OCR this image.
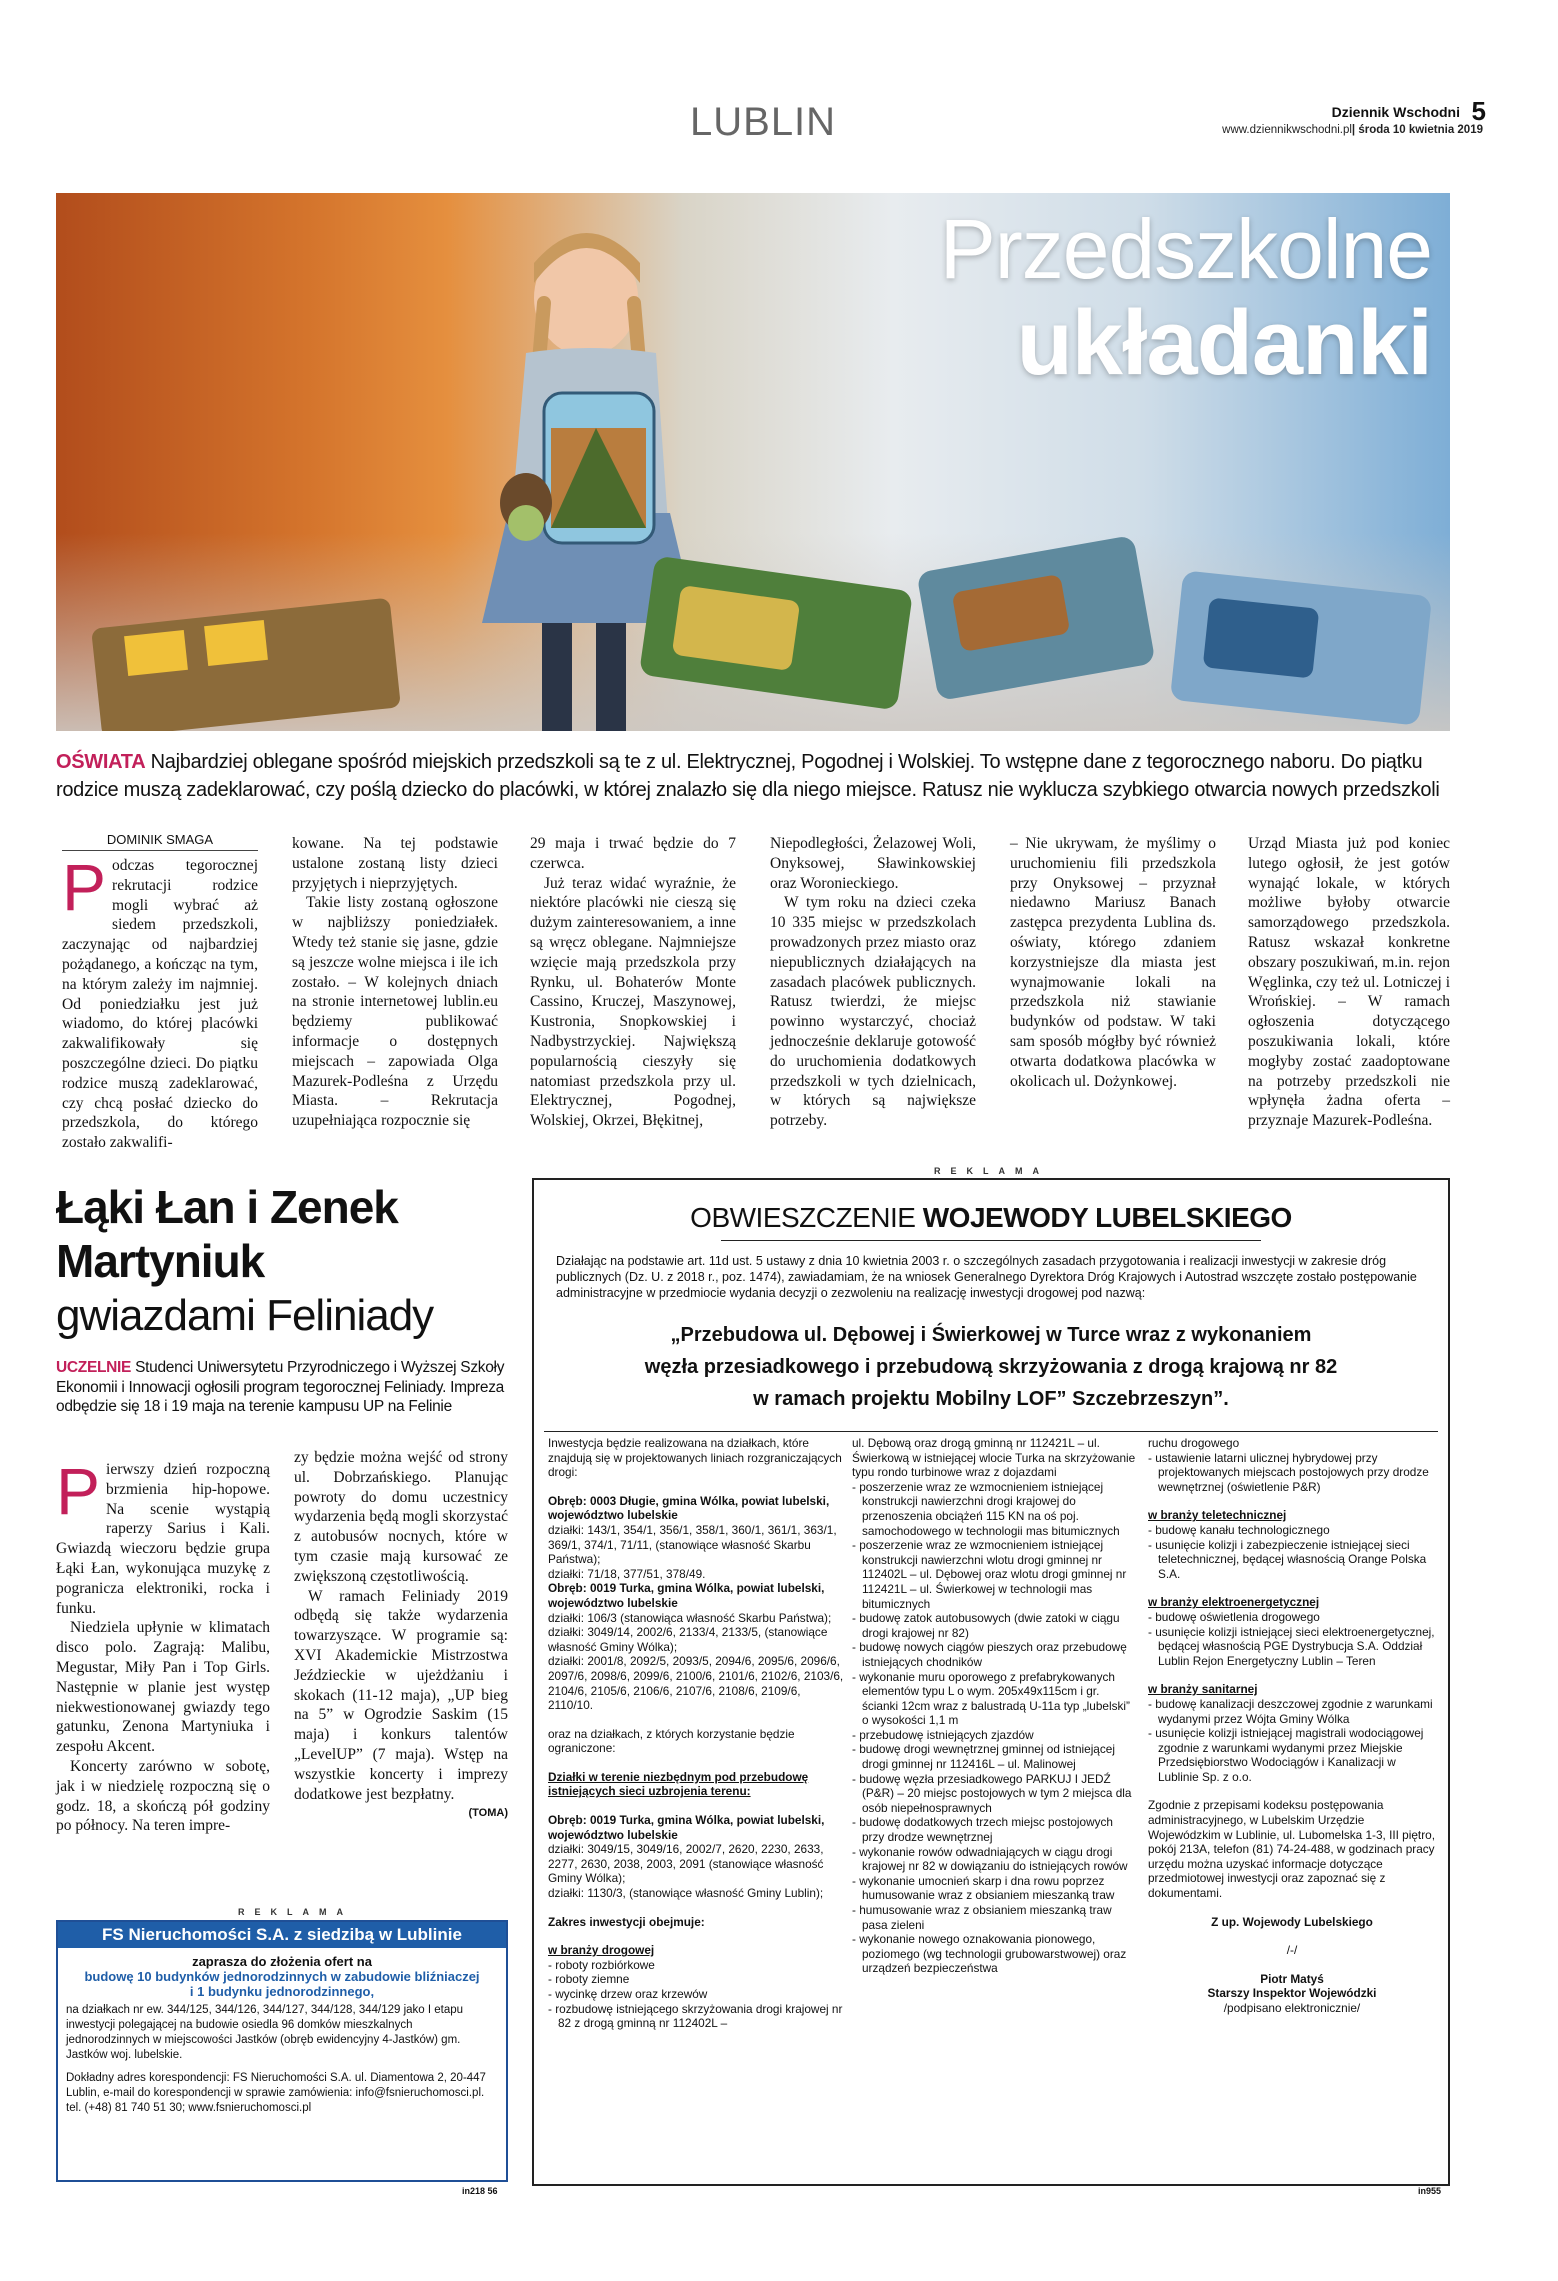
LUBLIN	Dziennik Wschodni 5
www.dziennikwschodni.pl| środa 10 kwietnia 2019
Przedszkolne
układanki
OŚWIATA Najbardziej oblegane spośród miejskich przedszkoli są te z ul. Elektrycznej, Pogodnej i Wolskiej. To wstępne dane z tegorocznego naboru. Do piątku rodzice muszą zadeklarować, czy poślą dziecko do placówki, w której znalazło się dla niego miejsce. Ratusz nie wyklucza szybkiego otwarcia nowych przedszkoli
DOMINIK SMAGA
P odczas tegorocznej rekrutacji rodzice mogli wybrać aż siedem przedszkoli, zaczynając od najbardziej pożądanego, a kończąc na tym, na którym zależy im najmniej. Od poniedziałku jest już wiadomo, do której placówki zakwalifikowały się poszczególne dzieci. Do piątku rodzice muszą zadeklarować, czy chcą posłać dziecko do przedszkola, do którego zostało zakwalifi-

kowane. Na tej podstawie ustalone zostaną listy dzieci przyjętych i nieprzyjętych.

Takie listy zostaną ogłoszone w najbliższy poniedziałek. Wtedy też stanie się jasne, gdzie są jeszcze wolne miejsca i ile ich zostało. – W kolejnych dniach na stronie internetowej lublin.eu będziemy publikować informacje o dostępnych miejscach – zapowiada Olga Mazurek-Podleśna z Urzędu Miasta. – Rekrutacja uzupełniająca rozpocznie się

29 maja i trwać będzie do 7 czerwca.

Już teraz widać wyraźnie, że niektóre placówki nie cieszą się dużym zainteresowaniem, a inne są wręcz oblegane. Najmniejsze wzięcie mają przedszkola przy Rynku, ul. Bohaterów Monte Cassino, Kruczej, Maszynowej, Kustronia, Snopkowskiej i Nadbystrzyckiej. Największą popularnością cieszyły się natomiast przedszkola przy ul. Elektrycznej, Pogodnej, Wolskiej, Okrzei, Błękitnej,

Niepodległości, Żelazowej Woli, Onyksowej, Sławinkowskiej oraz Woronieckiego.

W tym roku na dzieci czeka 10 335 miejsc w przedszkolach prowadzonych przez miasto oraz niepublicznych działających na zasadach placówek publicznych. Ratusz twierdzi, że miejsc powinno wystarczyć, chociaż jednocześnie deklaruje gotowość do uruchomienia dodatkowych przedszkoli w tych dzielnicach, w których są największe potrzeby.

– Nie ukrywam, że myślimy o uruchomieniu fili przedszkola przy Onyksowej – przyznał niedawno Mariusz Banach zastępca prezydenta Lublina ds. oświaty, którego zdaniem korzystniejsze dla miasta jest wynajmowanie lokali na przedszkola niż stawianie budynków od podstaw. W taki sam sposób mógłby być również otwarta dodatkowa placówka w okolicach ul. Dożynkowej.

Urząd Miasta już pod koniec lutego ogłosił, że jest gotów wynająć lokale, w których możliwe byłoby otwarcie samorządowego przedszkola. Ratusz wskazał konkretne obszary poszukiwań, m.in. rejon Węglinka, czy też ul. Lotniczej i Wrońskiej. – W ramach ogłoszenia dotyczącego poszukiwania lokali, które mogłyby zostać zaadoptowane na potrzeby przedszkoli nie wpłynęła żadna oferta – przyznaje Mazurek-Podleśna.

Łąki Łan i Zenek
Martyniuk
gwiazdami Feliniady
UCZELNIE Studenci Uniwersytetu Przyrodniczego i Wyższej Szkoły Ekonomii i Innowacji ogłosili program tegorocznej Feliniady. Impreza odbędzie się 18 i 19 maja na terenie kampusu UP na Felinie

Pierwszy dzień rozpoczną brzmienia hip-hopowe. Na scenie wystąpią raperzy Sarius i Kali. Gwiazdą wieczoru będzie grupa Łąki Łan, wykonująca muzykę z pogranicza elektroniki, rocka i funku.

Niedziela upłynie w klimatach disco polo. Zagrają: Malibu, Megustar, Miły Pan i Top Girls. Następnie w planie jest występ niekwestionowanej gwiazdy tego gatunku, Zenona Martyniuka i zespołu Akcent.

Koncerty zarówno w sobotę, jak i w niedzielę rozpoczną się o godz. 18, a skończą pół godziny po północy. Na teren impre-

zy będzie można wejść od strony ul. Dobrzańskiego. Planując powroty do domu uczestnicy wydarzenia będą mogli skorzystać z autobusów nocnych, które w tym czasie mają kursować ze zwiększoną częstotliwością.

W ramach Feliniady 2019 odbędą się także wydarzenia towarzyszące. W programie są: XVI Akademickie Mistrzostwa Jeździeckie w ujeżdżaniu i skokach (11-12 maja), „UP bieg na 5” w Ogrodzie Saskim (15 maja) i konkurs talentów „LevelUP” (7 maja). Wstęp na wszystkie koncerty i imprezy dodatkowe jest bezpłatny.

(TOMA)
REKLAMA
FS Nieruchomości S.A. z siedzibą w Lublinie
zaprasza do złożenia ofert na
budowę 10 budynków jednorodzinnych w zabudowie bliźniaczej
i 1 budynku jednorodzinnego,
na działkach nr ew. 344/125, 344/126, 344/127, 344/128, 344/129 jako I etapu inwestycji polegającej na budowie osiedla 96 domków mieszkalnych jednorodzinnych w miejscowości Jastków (obręb ewidencyjny 4-Jastków) gm. Jastków woj. lubelskie.
Dokładny adres korespondencji: FS Nieruchomości S.A. ul. Diamentowa 2, 20-447 Lublin, e-mail do korespondencji w sprawie zamówienia: info@fsnieruchomosci.pl. tel. (+48) 81 740 51 30; www.fsnieruchomosci.pl
in218 56
REKLAMA
OBWIESZCZENIE WOJEWODY LUBELSKIEGO
Działając na podstawie art. 11d ust. 5 ustawy z dnia 10 kwietnia 2003 r. o szczególnych zasadach przygotowania i realizacji inwestycji w zakresie dróg publicznych (Dz. U. z 2018 r., poz. 1474), zawiadamiam, że na wniosek Generalnego Dyrektora Dróg Krajowych i Autostrad wszczęte zostało postępowanie administracyjne w przedmiocie wydania decyzji o zezwoleniu na realizację inwestycji drogowej pod nazwą:
„Przebudowa ul. Dębowej i Świerkowej w Turce wraz z wykonaniem
węzła przesiadkowego i przebudową skrzyżowania z drogą krajową nr 82
w ramach projektu Mobilny LOF” Szczebrzeszyn”.

Inwestycja będzie realizowana na działkach, które znajdują się w projektowanych liniach rozgraniczających drogi:

Obręb: 0003 Długie, gmina Wólka, powiat lubelski, województwo lubelskie

działki: 143/1, 354/1, 356/1, 358/1, 360/1, 361/1, 363/1, 369/1, 374/1, 71/11, (stanowiące własność Skarbu Państwa);

działki: 71/18, 377/51, 378/49.

Obręb: 0019 Turka, gmina Wólka, powiat lubelski, województwo lubelskie

działki: 106/3 (stanowiąca własność Skarbu Państwa);

działki: 3049/14, 2002/6, 2133/4, 2133/5, (stanowiące własność Gminy Wólka);

działki: 2001/8, 2092/5, 2093/5, 2094/6, 2095/6, 2096/6, 2097/6, 2098/6, 2099/6, 2100/6, 2101/6, 2102/6, 2103/6, 2104/6, 2105/6, 2106/6, 2107/6, 2108/6, 2109/6, 2110/10.

oraz na działkach, z których korzystanie będzie ograniczone:

Działki w terenie niezbędnym pod przebudowę istniejących sieci uzbrojenia terenu:

Obręb: 0019 Turka, gmina Wólka, powiat lubelski, województwo lubelskie

działki: 3049/15, 3049/16, 2002/7, 2620, 2230, 2633, 2277, 2630, 2038, 2003, 2091 (stanowiące własność Gminy Wólka);

działki: 1130/3, (stanowiące własność Gminy Lublin);

Zakres inwestycji obejmuje:

w branży drogowej

- roboty rozbiórkowe

- roboty ziemne

- wycinkę drzew oraz krzewów

- rozbudowę istniejącego skrzyżowania drogi krajowej nr 82 z drogą gminną nr 112402L –

ul. Dębową oraz drogą gminną nr 112421L – ul. Świerkową w istniejącej wlocie Turka na skrzyżowanie typu rondo turbinowe wraz z dojazdami

- poszerzenie wraz ze wzmocnieniem istniejącej konstrukcji nawierzchni drogi krajowej do przenoszenia obciążeń 115 KN na oś poj. samochodowego w technologii mas bitumicznych

- poszerzenie wraz ze wzmocnieniem istniejącej konstrukcji nawierzchni wlotu drogi gminnej nr 112402L – ul. Dębowej oraz wlotu drogi gminnej nr 112421L – ul. Świerkowej w technologii mas bitumicznych

- budowę zatok autobusowych (dwie zatoki w ciągu drogi krajowej nr 82)

- budowę nowych ciągów pieszych oraz przebudowę istniejących chodników

- wykonanie muru oporowego z prefabrykowanych elementów typu L o wym. 205x49x115cm i gr. ścianki 12cm wraz z balustradą U-11a typ „lubelski” o wysokości 1,1 m

- przebudowę istniejących zjazdów

- budowę drogi wewnętrznej gminnej od istniejącej drogi gminnej nr 112416L – ul. Malinowej

- budowę węzła przesiadkowego PARKUJ I JEDŹ (P&R) – 20 miejsc postojowych w tym 2 miejsca dla osób niepełnosprawnych

- budowę dodatkowych trzech miejsc postojowych przy drodze wewnętrznej

- wykonanie rowów odwadniających w ciągu drogi krajowej nr 82 w dowiązaniu do istniejących rowów

- wykonanie umocnień skarp i dna rowu poprzez humusowanie wraz z obsianiem mieszanką traw

- humusowanie wraz z obsianiem mieszanką traw pasa zieleni

- wykonanie nowego oznakowania pionowego, poziomego (wg technologii grubowarstwowej) oraz urządzeń bezpieczeństwa

ruchu drogowego

- ustawienie latarni ulicznej hybrydowej przy projektowanych miejscach postojowych przy drodze wewnętrznej (oświetlenie P&R)

w branży teletechnicznej

- budowę kanału technologicznego

- usunięcie kolizji i zabezpieczenie istniejącej sieci teletechnicznej, będącej własnością Orange Polska S.A.

w branży elektroenergetycznej

- budowę oświetlenia drogowego

- usunięcie kolizji istniejącej sieci elektroenergetycznej, będącej własnością PGE Dystrybucja S.A. Oddział Lublin Rejon Energetyczny Lublin – Teren

w branży sanitarnej

- budowę kanalizacji deszczowej zgodnie z warunkami wydanymi przez Wójta Gminy Wólka

- usunięcie kolizji istniejącej magistrali wodociągowej zgodnie z warunkami wydanymi przez Miejskie Przedsiębiorstwo Wodociągów i Kanalizacji w Lublinie Sp. z o.o.

Zgodnie z przepisami kodeksu postępowania administracyjnego, w Lubelskim Urzędzie Wojewódzkim w Lublinie, ul. Lubomelska 1-3, III piętro, pokój 213A, telefon (81) 74-24-488, w godzinach pracy urzędu można uzyskać informacje dotyczące przedmiotowej inwestycji oraz zapoznać się z dokumentami.

Z up. Wojewody Lubelskiego

/-/

Piotr Matyś

Starszy Inspektor Wojewódzki

/podpisano elektronicznie/

in955
